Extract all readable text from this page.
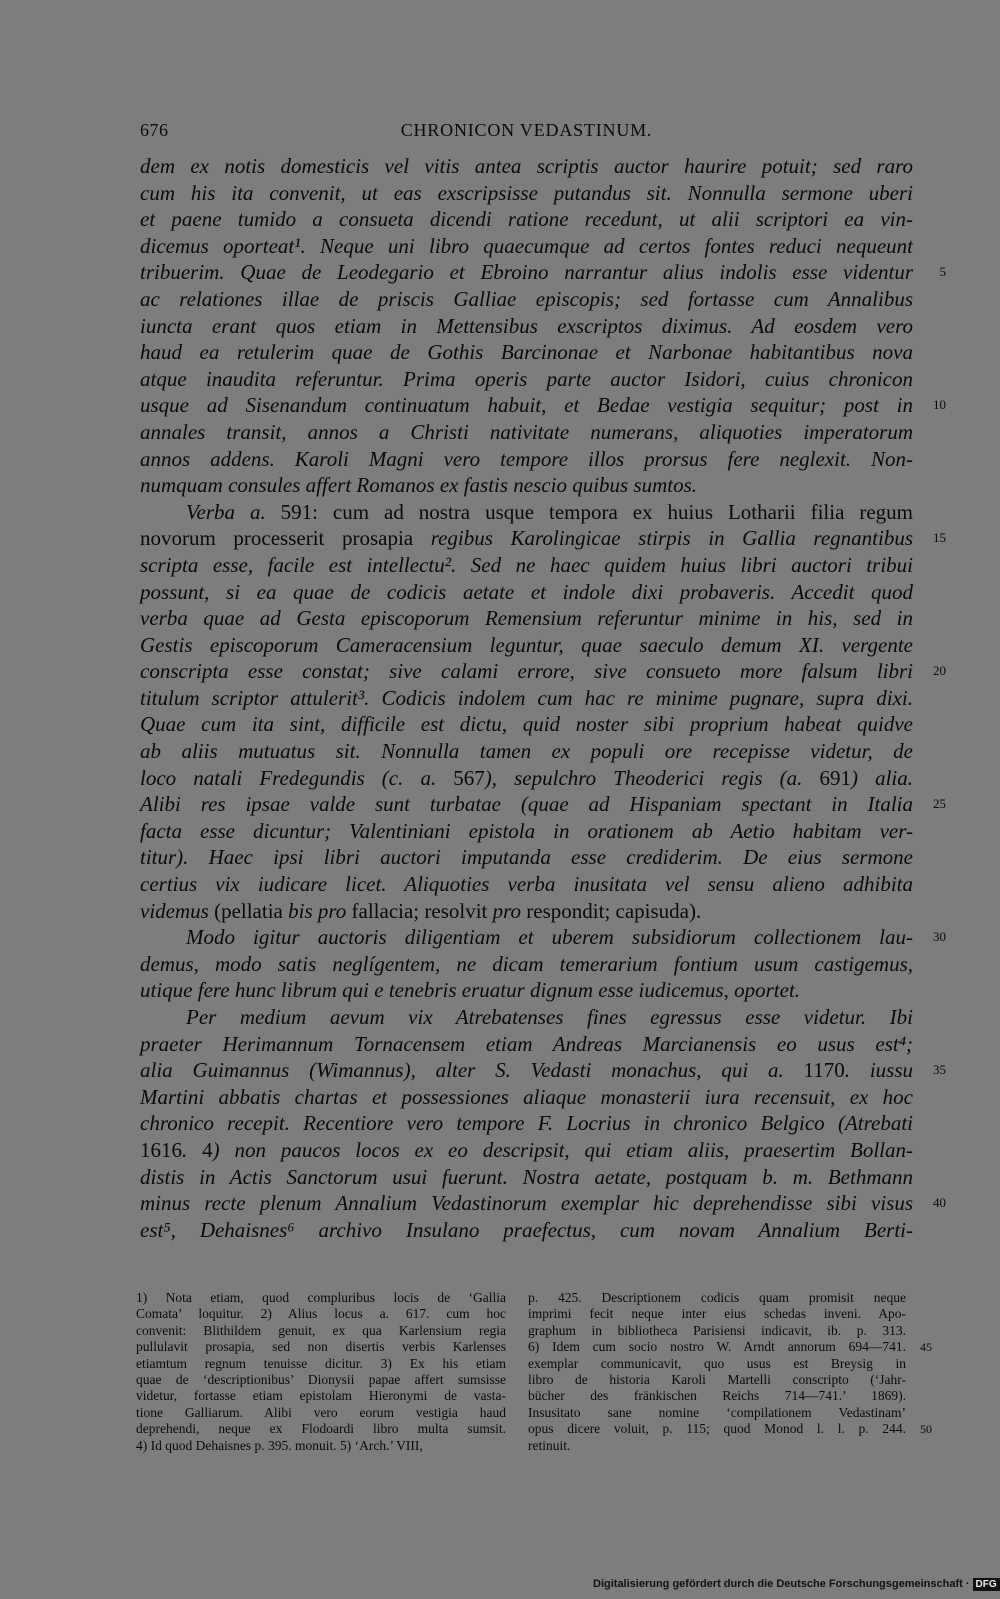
676	CHRONICON VEDASTINUM.
dem ex notis domesticis vel vitis antea scriptis auctor haurire potuit; sed raro
cum his ita convenit, ut eas exscripsisse putandus sit. Nonnulla sermone uberi
et paene tumido a consueta dicendi ratione recedunt, ut alii scriptori ea vin-
dicemus oporteat¹. Neque uni libro quaecumque ad certos fontes reduci nequeunt
tribuerim. Quae de Leodegario et Ebroino narrantur alius indolis esse videntur 5
ac relationes illae de priscis Galliae episcopis; sed fortasse cum Annalibus
iuncta erant quos etiam in Mettensibus exscriptos diximus. Ad eosdem vero
haud ea retulerim quae de Gothis Barcinonae et Narbonae habitantibus nova
atque inaudita referuntur. Prima operis parte auctor Isidori, cuius chronicon
usque ad Sisenandum continuatum habuit, et Bedae vestigia sequitur; post in 10
annales transit, annos a Christi nativitate numerans, aliquoties imperatorum
annos addens. Karoli Magni vero tempore illos prorsus fere neglexit. Non-
numquam consules affert Romanos ex fastis nescio quibus sumtos.
Verba a. 591: cum ad nostra usque tempora ex huius Lotharii filia regum
novorum processerit prosapia regibus Karolingicae stirpis in Gallia regnantibus 15
scripta esse, facile est intellectu². Sed ne haec quidem huius libri auctori tribui
possunt, si ea quae de codicis aetate et indole dixi probaveris. Accedit quod
verba quae ad Gesta episcoporum Remensium referuntur minime in his, sed in
Gestis episcoporum Cameracensium leguntur, quae saeculo demum XI. vergente
conscripta esse constat; sive calami errore, sive consueto more falsum libri 20
titulum scriptor attulerit³. Codicis indolem cum hac re minime pugnare, supra dixi.
Quae cum ita sint, difficile est dictu, quid noster sibi proprium habeat quidve
ab aliis mutuatus sit. Nonnulla tamen ex populi ore recepisse videtur, de
loco natali Fredegundis (c. a. 567), sepulchro Theoderici regis (a. 691) alia.
Alibi res ipsae valde sunt turbatae (quae ad Hispaniam spectant in Italia 25
facta esse dicuntur; Valentiniani epistola in orationem ab Aetio habitam ver-
titur). Haec ipsi libri auctori imputanda esse crediderim. De eius sermone
certius vix iudicare licet. Aliquoties verba inusitata vel sensu alieno adhibita
videmus (pellatia bis pro fallacia; resolvit pro respondit; capisuda).
Modo igitur auctoris diligentiam et uberem subsidiorum collectionem lau- 30
demus, modo satis neglígentem, ne dicam temerarium fontium usum castigemus,
utique fere hunc librum qui e tenebris eruatur dignum esse iudicemus, oportet.
Per medium aevum vix Atrebatenses fines egressus esse videtur. Ibi
praeter Herimannum Tornacensem etiam Andreas Marcianensis eo usus est⁴;
alia Guimannus (Wimannus), alter S. Vedasti monachus, qui a. 1170. iussu 35
Martini abbatis chartas et possessiones aliaque monasterii iura recensuit, ex hoc
chronico recepit. Recentiore vero tempore F. Locrius in chronico Belgico (Atrebati
1616. 4) non paucos locos ex eo descripsit, qui etiam aliis, praesertim Bollan-
distis in Actis Sanctorum usui fuerunt. Nostra aetate, postquam b. m. Bethmann
minus recte plenum Annalium Vedastinorum exemplar hic deprehendisse sibi visus 40
est⁵, Dehaisnes⁶ archivo Insulano praefectus, cum novam Annalium Berti-
1) Nota etiam, quod compluribus locis de ‘Gallia
Comata’ loquitur. 2) Alius locus a. 617. cum hoc
convenit: Blithildem genuit, ex qua Karlensium regia
pullulavit prosapia, sed non disertis verbis Karlenses
etiamtum regnum tenuisse dicitur. 3) Ex his etiam
quae de ‘descriptionibus’ Dionysii papae affert sumsisse
videtur, fortasse etiam epistolam Hieronymi de vasta-
tione Galliarum. Alibi vero eorum vestigia haud
deprehendi, neque ex Flodoardi libro multa sumsit.
4) Id quod Dehaisnes p. 395. monuit. 5) ‘Arch.’ VIII,
p. 425. Descriptionem codicis quam promisit neque
imprimi fecit neque inter eius schedas inveni. Apo-
graphum in bibliotheca Parisiensi indicavit, ib. p. 313.
6) Idem cum socio nostro W. Arndt annorum 694—741. 45
exemplar communicavit, quo usus est Breysig in
libro de historia Karoli Martelli conscripto (‘Jahr-
bücher des fränkischen Reichs 714—741.’ 1869).
Insusitato sane nomine ‘compilationem Vedastinam’
opus dicere voluit, p. 115; quod Monod l. l. p. 244. 50
retinuit.
Digitalisierung gefördert durch die Deutsche Forschungsgemeinschaft · DFG
